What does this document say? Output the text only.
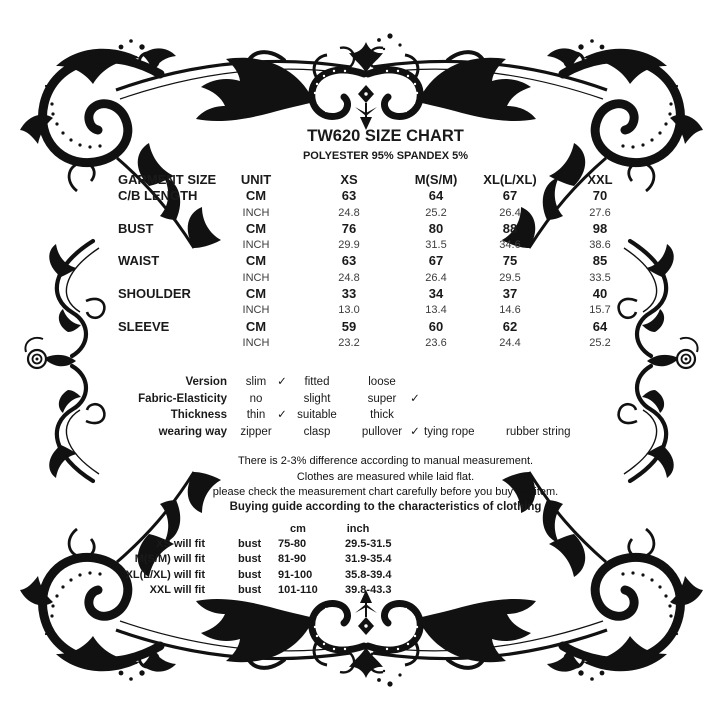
TW620 SIZE CHART
POLYESTER 95% SPANDEX 5%
GARMENT SIZE	UNIT	XS	M(S/M)	XL(L/XL)	XXL
C/B LENGTH	CM	63	64	67	70
INCH	24.8	25.2	26.4	27.6
BUST	CM	76	80	88	98
INCH	29.9	31.5	34.6	38.6
WAIST	CM	63	67	75	85
INCH	24.8	26.4	29.5	33.5
SHOULDER	CM	33	34	37	40
INCH	13.0	13.4	14.6	15.7
SLEEVE	CM	59	60	62	64
INCH	23.2	23.6	24.4	25.2
Version	slim ✓	fitted	loose
Fabric-Elasticity	no	slight	super	✓
Thickness	thin	✓ suitable	thick
wearing way	zipper	clasp	pullover ✓ tying rope	rubber string
There is 2-3% difference according to manual measurement.
Clothes are measured while laid flat.
please check the measurement chart carefully before you buy the item.
Buying guide according to the characteristics of clothing
cm	inch
XS will fit	bust 75-80	29.5-31.5
M(S/M) will fit	bust 81-90	31.9-35.4
XL(L/XL) will fit	bust 91-100	35.8-39.4
XXL will fit	bust 101-110 39.8-43.3
